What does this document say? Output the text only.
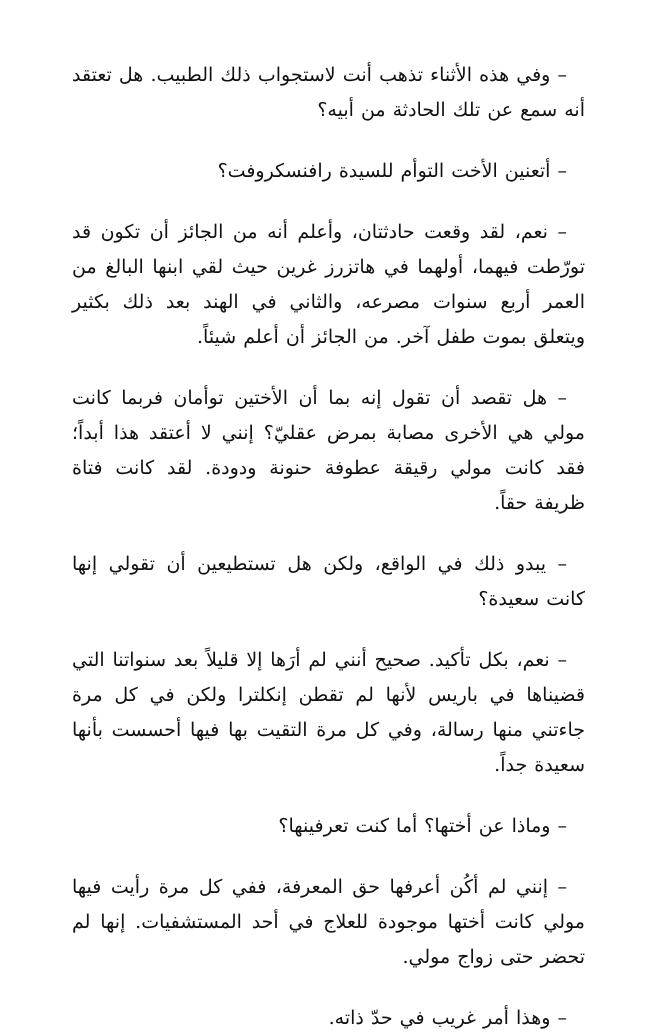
– وفي هذه الأثناء تذهب أنت لاستجواب ذلك الطبيب. هل تعتقد أنه سمع عن تلك الحادثة من أبيه؟

– أتعنين الأخت التوأم للسيدة رافنسكروفت؟

– نعم، لقد وقعت حادثتان، وأعلم أنه من الجائز أن تكون قد تورّطت فيهما، أولهما في هاتزرز غرين حيث لقي ابنها البالغ من العمر أربع سنوات مصرعه، والثاني في الهند بعد ذلك بكثير ويتعلق بموت طفل آخر. من الجائز أن أعلم شيئاً.

– هل تقصد أن تقول إنه بما أن الأختين توأمان فربما كانت مولي هي الأخرى مصابة بمرض عقليّ؟ إنني لا أعتقد هذا أبداً؛ فقد كانت مولي رقيقة عطوفة حنونة ودودة. لقد كانت فتاة ظريفة حقاً.

– يبدو ذلك في الواقع، ولكن هل تستطيعين أن تقولي إنها كانت سعيدة؟

– نعم، بكل تأكيد. صحيح أنني لم أرَها إلا قليلاً بعد سنواتنا التي قضيناها في باريس لأنها لم تقطن إنكلترا ولكن في كل مرة جاءتني منها رسالة، وفي كل مرة التقيت بها فيها أحسست بأنها سعيدة جداً.

– وماذا عن أختها؟ أما كنت تعرفينها؟

– إنني لم أكُن أعرفها حق المعرفة، ففي كل مرة رأيت فيها مولي كانت أختها موجودة للعلاج في أحد المستشفيات. إنها لم تحضر حتى زواج مولي.

– وهذا أمر غريب في حدّ ذاته.
